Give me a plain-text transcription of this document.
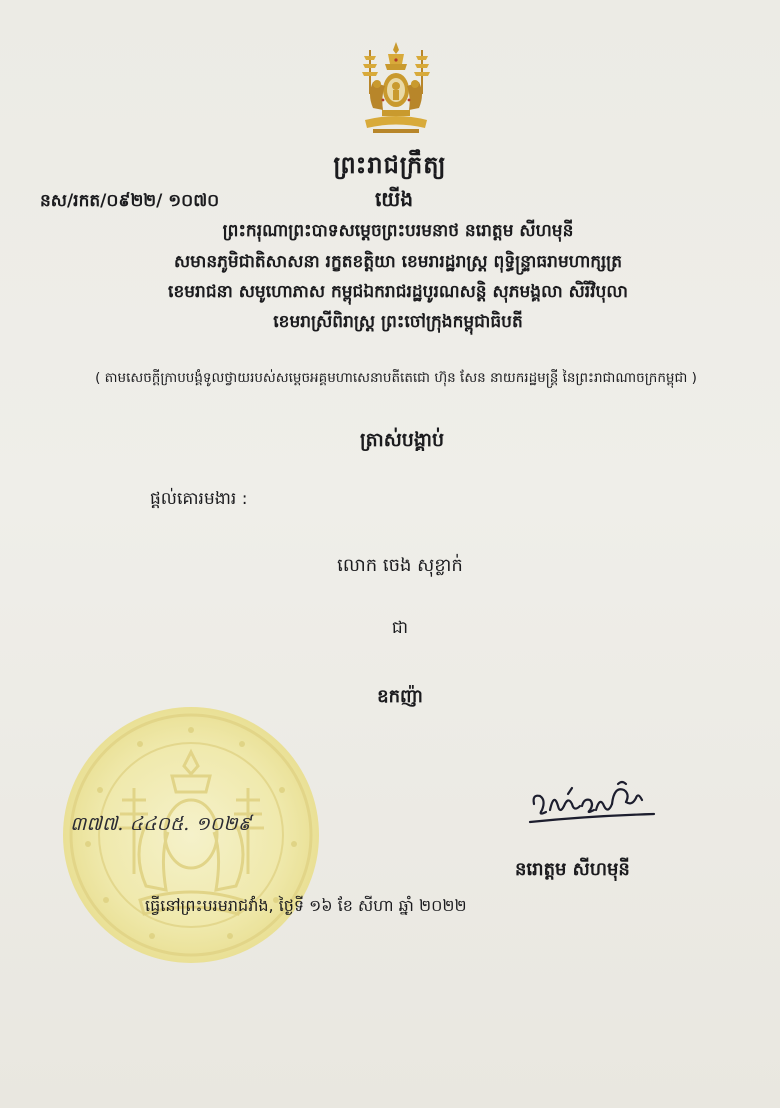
ព្រះរាជក្រឹត្យ
នស/រកត/០៩២២/ ១០៧០	យើង
ព្រះករុណាព្រះបាទសម្តេចព្រះបរមនាថ នរោត្តម សីហមុនី
សមានភូមិជាតិសាសនា រក្ខតខត្តិយា ខេមរារដ្ឋរាស្ត្រ ពុទ្ធិន្ទ្រាធរាមហាក្សត្រ
ខេមរាជនា សមូហោភាស កម្ពុជឯករាជរដ្ឋបូរណសន្តិ សុភមង្គលា សិរីវិបុលា
ខេមរាស្រីពិរាស្ត្រ ព្រះចៅក្រុងកម្ពុជាធិបតី
( តាមសេចក្តីក្រាបបង្គំទូលថ្វាយរបស់សម្តេចអគ្គមហាសេនាបតីតេជោ ហ៊ុន សែន នាយករដ្ឋមន្ត្រី នៃព្រះរាជាណាចក្រកម្ពុជា )
ត្រាស់បង្គាប់
ផ្តល់គោរមងារ :
លោក ចេង សុខ្លាក់
ជា
ឧកញ៉ា
៣៧៧. ៤៤០៥. ១០២៩
ធ្វើនៅព្រះបរមរាជវាំង, ថ្ងៃទី ១៦ ខែ សីហា ឆ្នាំ ២០២២
នរោត្តម សីហមុនី
